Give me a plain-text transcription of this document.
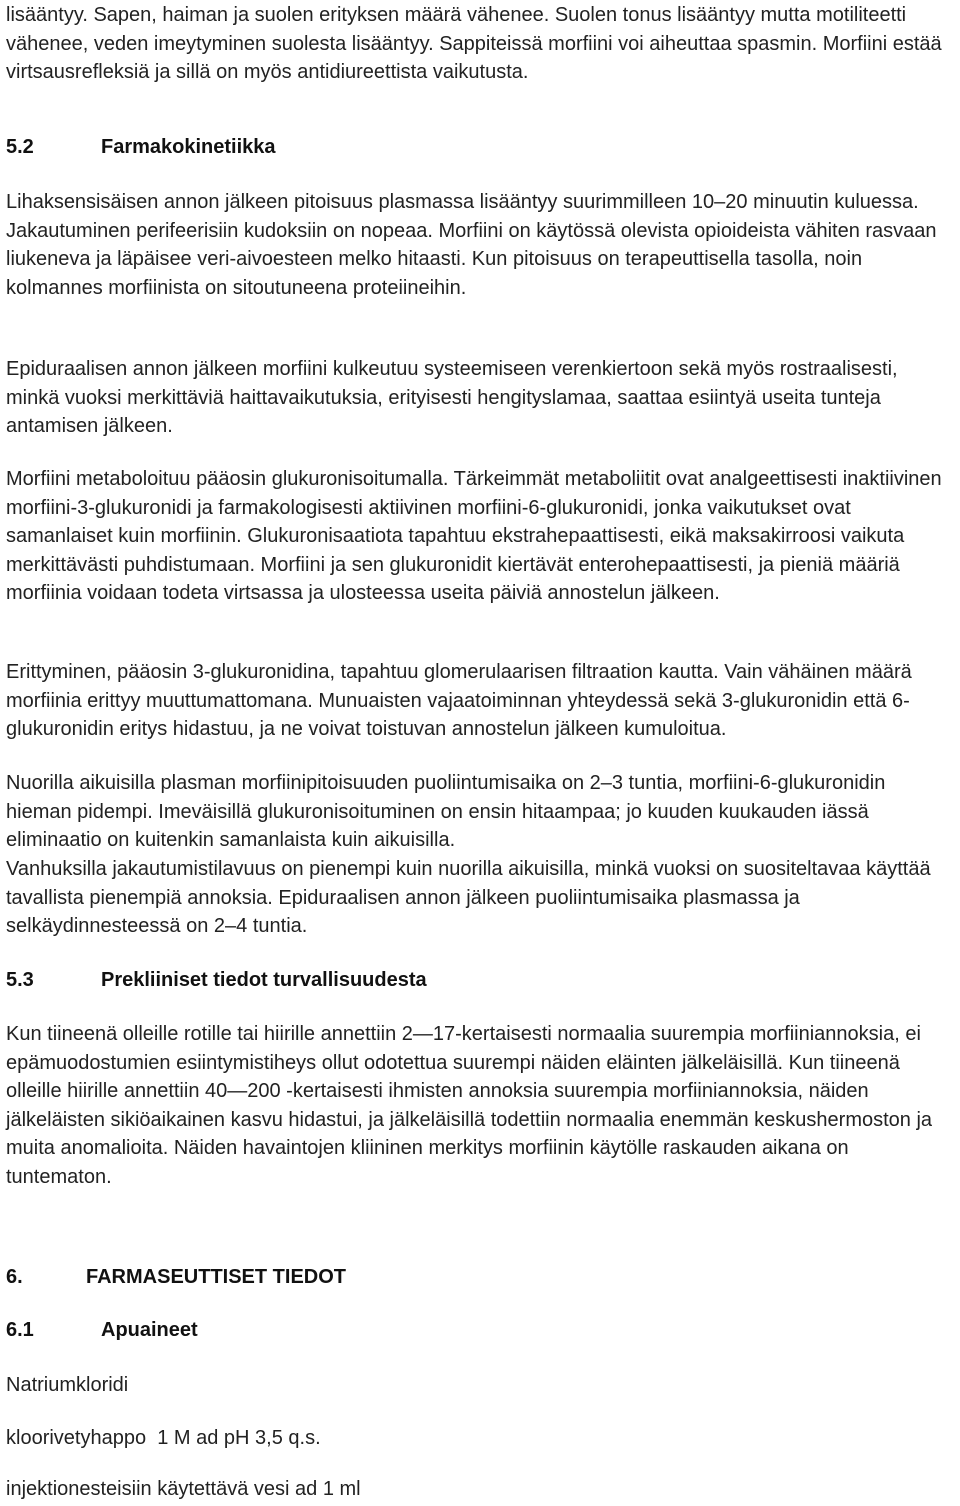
lisääntyy. Sapen, haiman ja suolen erityksen määrä vähenee. Suolen tonus lisääntyy mutta motiliteetti vähenee, veden imeytyminen suolesta lisääntyy. Sappiteissä morfiini voi aiheuttaa spasmin. Morfiini estää virtsausrefleksiä ja sillä on myös antidiureettista vaikutusta.

5.2	Farmakokinetiikka

Lihaksensisäisen annon jälkeen pitoisuus plasmassa lisääntyy suurimmilleen 10–20 minuutin kuluessa. Jakautuminen perifeerisiin kudoksiin on nopeaa. Morfiini on käytössä olevista opioideista vähiten rasvaan liukeneva ja läpäisee veri-aivoesteen melko hitaasti. Kun pitoisuus on terapeuttisella tasolla, noin kolmannes morfiinista on sitoutuneena proteiineihin.

Epiduraalisen annon jälkeen morfiini kulkeutuu systeemiseen verenkiertoon sekä myös rostraalisesti, minkä vuoksi merkittäviä haittavaikutuksia, erityisesti hengityslamaa, saattaa esiintyä useita tunteja antamisen jälkeen.

Morfiini metaboloituu pääosin glukuronisoitumalla. Tärkeimmät metaboliitit ovat analgeettisesti inaktiivinen morfiini-3-glukuronidi ja farmakologisesti aktiivinen morfiini-6-glukuronidi, jonka vaikutukset ovat samanlaiset kuin morfiinin. Glukuronisaatiota tapahtuu ekstrahepaattisesti, eikä maksakirroosi vaikuta merkittävästi puhdistumaan. Morfiini ja sen glukuronidit kiertävät enterohepaattisesti, ja pieniä määriä morfiinia voidaan todeta virtsassa ja ulosteessa useita päiviä annostelun jälkeen.

Erittyminen, pääosin 3-glukuronidina, tapahtuu glomerulaarisen filtraation kautta. Vain vähäinen määrä morfiinia erittyy muuttumattomana. Munuaisten vajaatoiminnan yhteydessä sekä 3-glukuronidin että 6-glukuronidin eritys hidastuu, ja ne voivat toistuvan annostelun jälkeen kumuloitua.

Nuorilla aikuisilla plasman morfiinipitoisuuden puoliintumisaika on 2–3 tuntia, morfiini-6-glukuronidin hieman pidempi. Imeväisillä glukuronisoituminen on ensin hitaampaa; jo kuuden kuukauden iässä eliminaatio on kuitenkin samanlaista kuin aikuisilla.

Vanhuksilla jakautumistilavuus on pienempi kuin nuorilla aikuisilla, minkä vuoksi on suositeltavaa käyttää tavallista pienempiä annoksia. Epiduraalisen annon jälkeen puoliintumisaika plasmassa ja selkäydinnesteessä on 2–4 tuntia.

5.3	Prekliiniset tiedot turvallisuudesta

Kun tiineenä olleille rotille tai hiirille annettiin 2—17-kertaisesti normaalia suurempia morfiiniannoksia, ei epämuodostumien esiintymistiheys ollut odotettua suurempi näiden eläinten jälkeläisillä. Kun tiineenä olleille hiirille annettiin 40—200 -kertaisesti ihmisten annoksia suurempia morfiiniannoksia, näiden jälkeläisten sikiöaikainen kasvu hidastui, ja jälkeläisillä todettiin normaalia enemmän keskushermoston ja muita anomalioita. Näiden havaintojen kliininen merkitys morfiinin käytölle raskauden aikana on tuntematon.

6.	FARMASEUTTISET TIEDOT
6.1	Apuaineet
Natriumkloridi
kloorivetyhappo  1 M ad pH 3,5 q.s.
injektionesteisiin käytettävä vesi ad 1 ml
